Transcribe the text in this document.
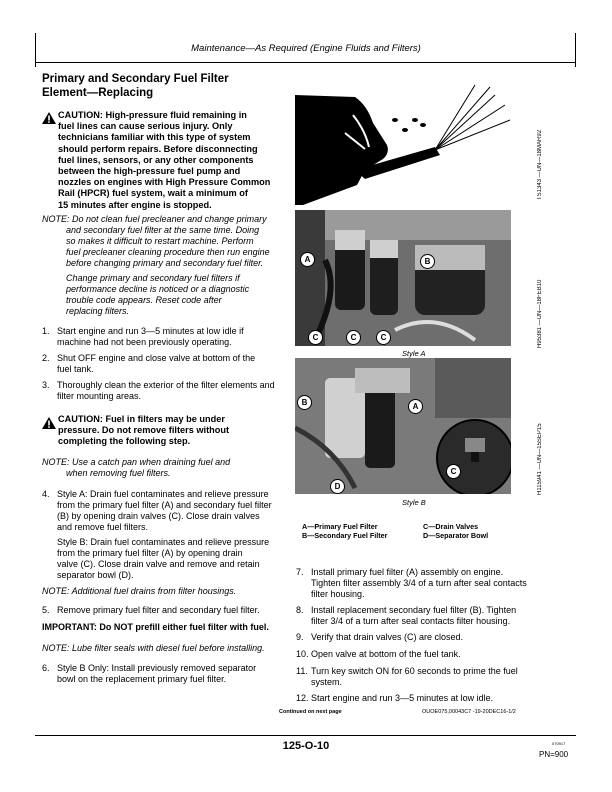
Maintenance—As Required (Engine Fluids and Filters)
Primary and Secondary Fuel Filter
Element—Replacing
CAUTION: High-pressure fluid remaining in
fuel lines can cause serious injury. Only
technicians familiar with this type of system
should perform repairs. Before disconnecting
fuel lines, sensors, or any other components
between the high-pressure fuel pump and
nozzles on engines with High Pressure Common
Rail (HPCR) fuel system, wait a minimum of
15 minutes after engine is stopped.
NOTE: Do not clean fuel precleaner and change primary
and secondary fuel filter at the same time. Doing
so makes it difficult to restart machine. Perform
fuel precleaner cleaning procedure then run engine
before changing primary and secondary fuel filter.
Change primary and secondary fuel filters if
performance decline is noticed or a diagnostic
trouble code appears. Reset code after
replacing filters.
1. Start engine and run 3—5 minutes at low idle if
machine had not been previously operating.
2. Shut OFF engine and close valve at bottom of the
fuel tank.
3. Thoroughly clean the exterior of the filter elements and
filter mounting areas.
CAUTION: Fuel in filters may be under
pressure. Do not remove filters without
completing the following step.
NOTE: Use a catch pan when draining fuel and
when removing fuel filters.
4. Style A: Drain fuel contaminates and relieve pressure
from the primary fuel filter (A) and secondary fuel filter
(B) by opening drain valves (C). Close drain valves
and remove fuel filters.
Style B: Drain fuel contaminates and relieve pressure
from the primary fuel filter (A) by opening drain
valve (C). Close drain valve and remove and retain
separator bowl (D).
NOTE: Additional fuel drains from filter housings.
5. Remove primary fuel filter and secondary fuel filter.
IMPORTANT: Do NOT prefill either fuel filter with fuel.
NOTE: Lube filter seals with diesel fuel before installing.
6. Style B Only: Install previously removed separator
bowl on the replacement primary fuel filter.
A	B
C	C	C
TS1343 —UN—18MAR92
H95381 —UN—18FEB10
Style A
B	A
C
D	H115941 —UN—15SEP15
Style B
A—Primary Fuel Filter
B—Secondary Fuel Filter
C—Drain Valves
D—Separator Bowl
7. Install primary fuel filter (A) assembly on engine.
Tighten filter assembly 3/4 of a turn after seal contacts
filter housing.
8. Install replacement secondary fuel filter (B). Tighten
filter 3/4 of a turn after seal contacts filter housing.
9. Verify that drain valves (C) are closed.
10. Open valve at bottom of the fuel tank.
11. Turn key switch ON for 60 seconds to prime the fuel
system.
12. Start engine and run 3—5 minutes at low idle.
Continued on next page	OUOE075,00043C7 -19-20DEC16-1/2
125-O-10	070917
PN=900
